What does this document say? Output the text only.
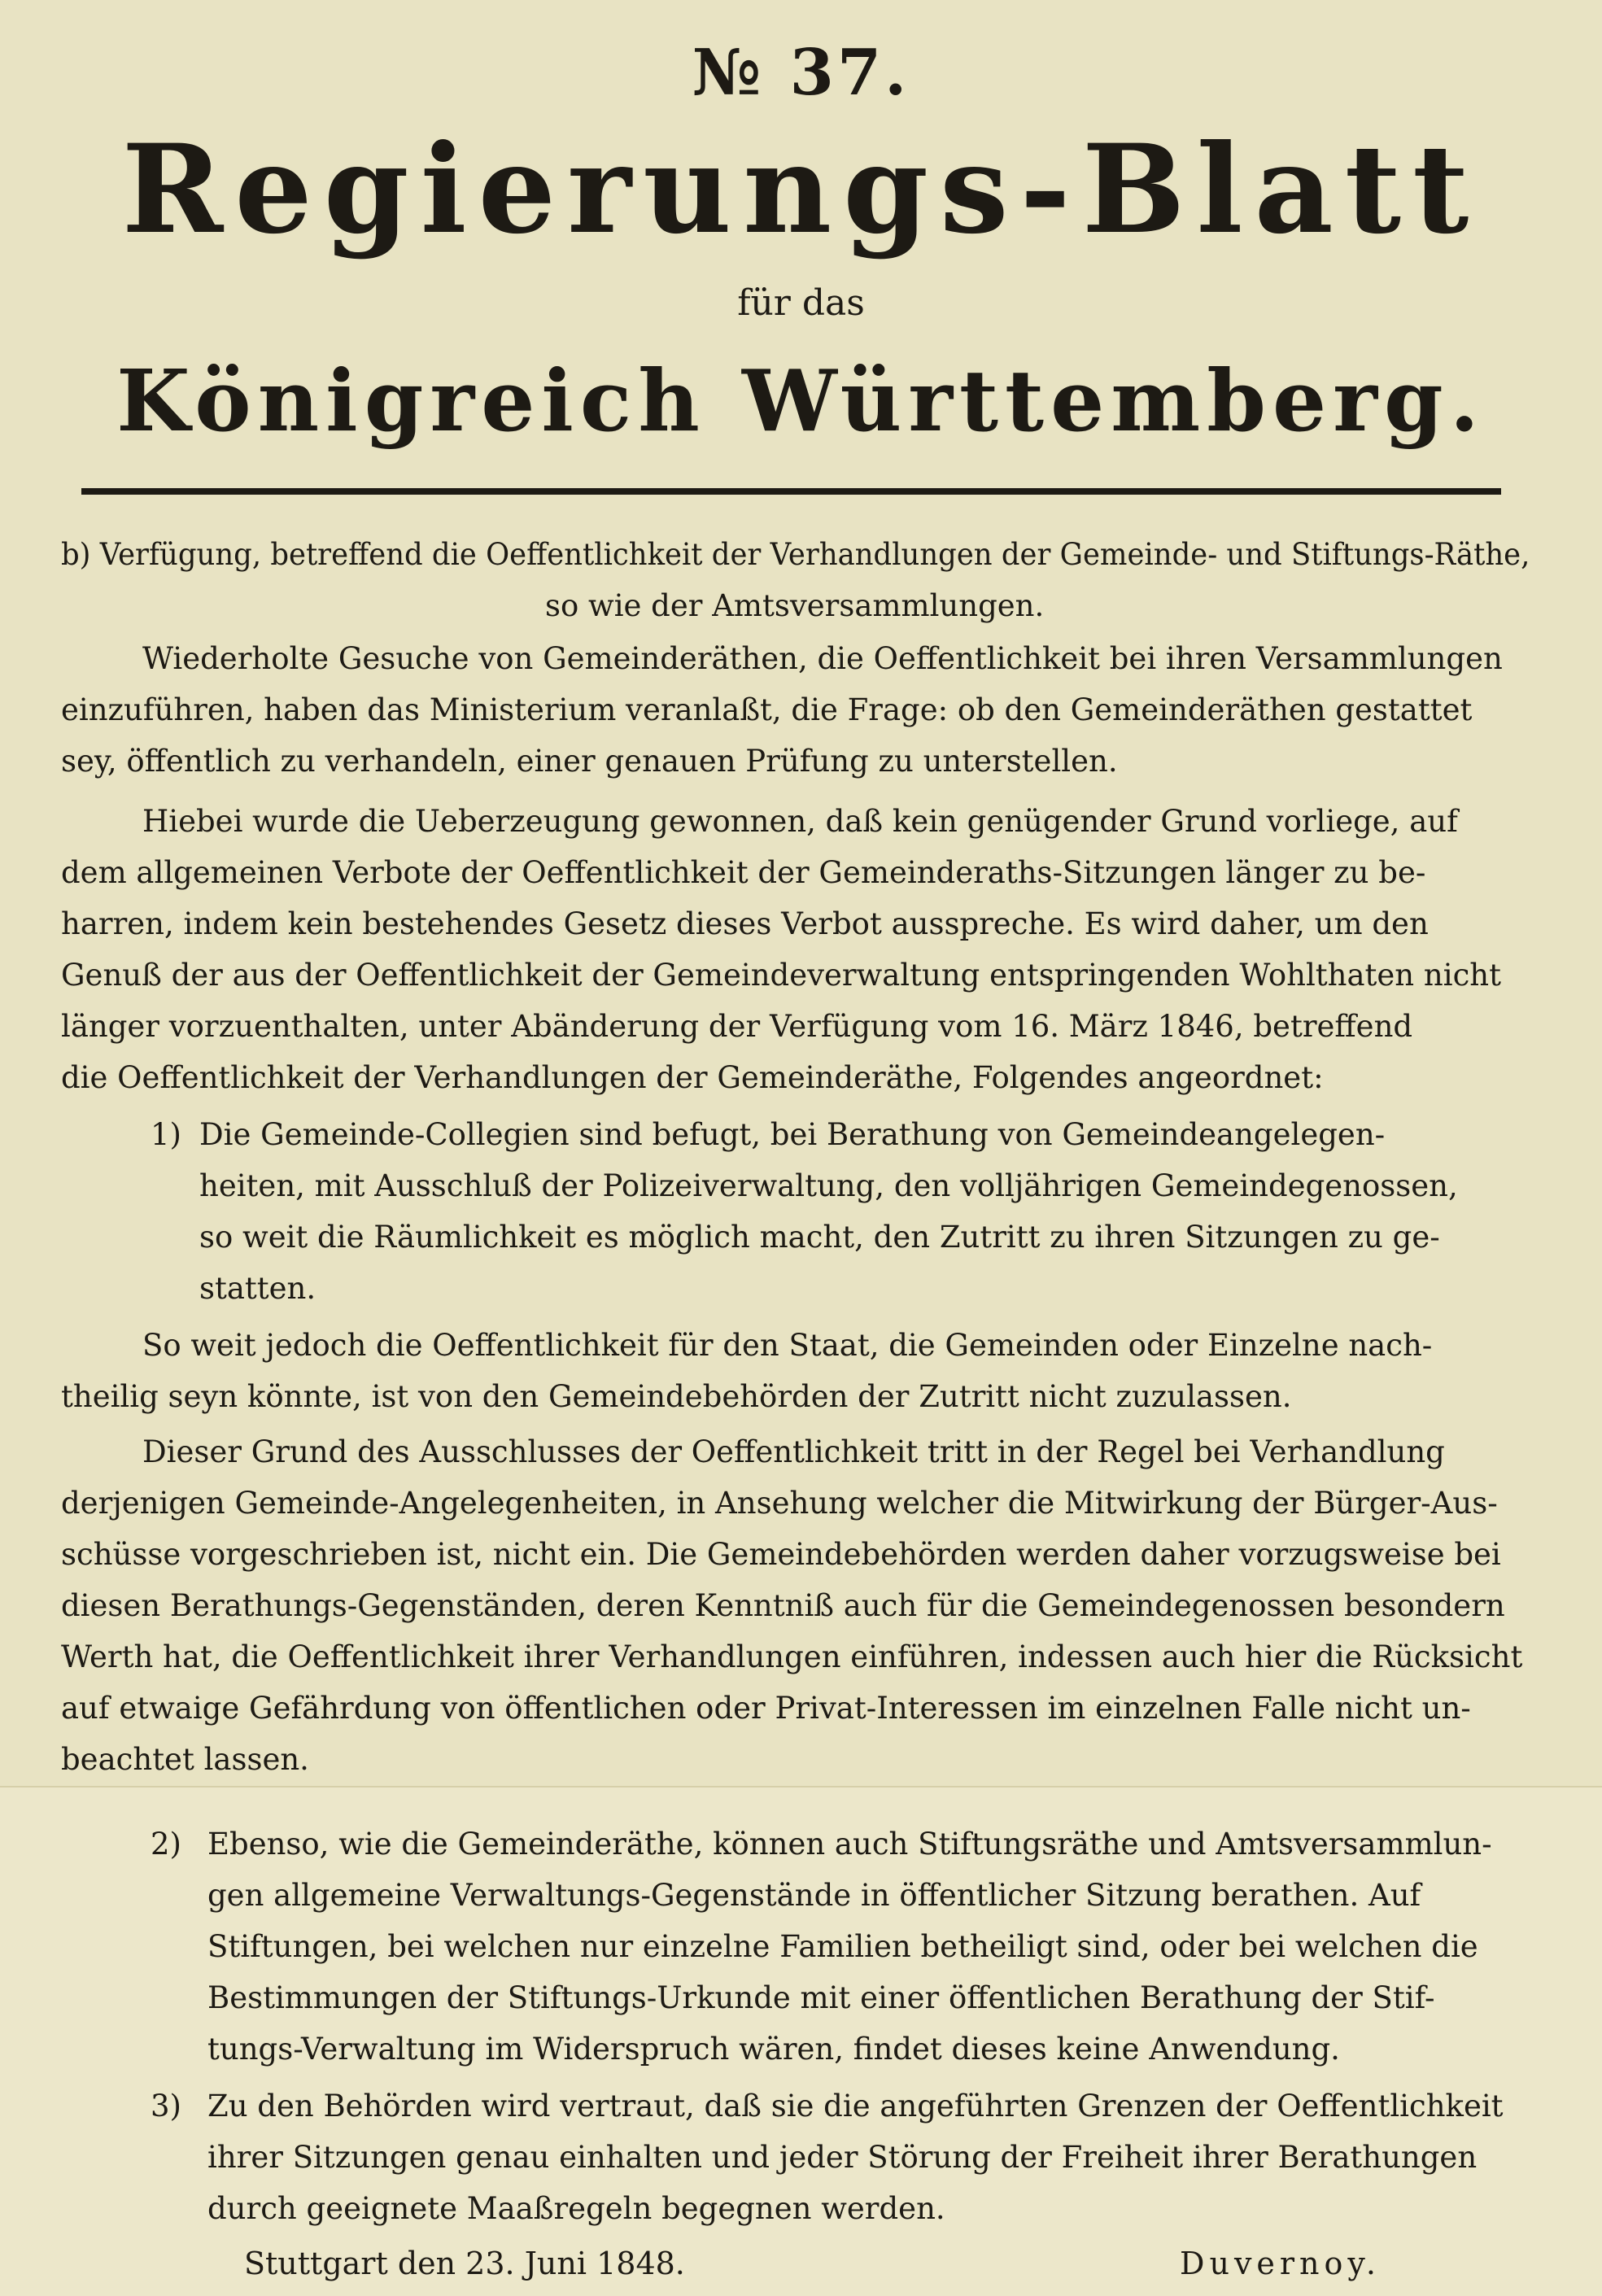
№ 37.
Regierungs-Blatt
für das
Königreich Württemberg.
b) Verfügung, betreffend die Oeffentlichkeit der Verhandlungen der Gemeinde- und Stiftungs-Räthe,
so wie der Amtsversammlungen.
Wiederholte Gesuche von Gemeinderäthen, die Oeffentlichkeit bei ihren Versammlungen
einzuführen, haben das Ministerium veranlaßt, die Frage: ob den Gemeinderäthen gestattet
sey, öffentlich zu verhandeln, einer genauen Prüfung zu unterstellen.
Hiebei wurde die Ueberzeugung gewonnen, daß kein genügender Grund vorliege, auf
dem allgemeinen Verbote der Oeffentlichkeit der Gemeinderaths-Sitzungen länger zu be-
harren, indem kein bestehendes Gesetz dieses Verbot ausspreche. Es wird daher, um den
Genuß der aus der Oeffentlichkeit der Gemeindeverwaltung entspringenden Wohlthaten nicht
länger vorzuenthalten, unter Abänderung der Verfügung vom 16. März 1846, betreffend
die Oeffentlichkeit der Verhandlungen der Gemeinderäthe, Folgendes angeordnet:
1) Die Gemeinde-Collegien sind befugt, bei Berathung von Gemeindeangelegen-
heiten, mit Ausschluß der Polizeiverwaltung, den volljährigen Gemeindegenossen,
so weit die Räumlichkeit es möglich macht, den Zutritt zu ihren Sitzungen zu ge-
statten.
So weit jedoch die Oeffentlichkeit für den Staat, die Gemeinden oder Einzelne nach-
theilig seyn könnte, ist von den Gemeindebehörden der Zutritt nicht zuzulassen.
Dieser Grund des Ausschlusses der Oeffentlichkeit tritt in der Regel bei Verhandlung
derjenigen Gemeinde-Angelegenheiten, in Ansehung welcher die Mitwirkung der Bürger-Aus-
schüsse vorgeschrieben ist, nicht ein. Die Gemeindebehörden werden daher vorzugsweise bei
diesen Berathungs-Gegenständen, deren Kenntniß auch für die Gemeindegenossen besondern
Werth hat, die Oeffentlichkeit ihrer Verhandlungen einführen, indessen auch hier die Rücksicht
auf etwaige Gefährdung von öffentlichen oder Privat-Interessen im einzelnen Falle nicht un-
beachtet lassen.
2) Ebenso, wie die Gemeinderäthe, können auch Stiftungsräthe und Amtsversammlun-
gen allgemeine Verwaltungs-Gegenstände in öffentlicher Sitzung berathen. Auf
Stiftungen, bei welchen nur einzelne Familien betheiligt sind, oder bei welchen die
Bestimmungen der Stiftungs-Urkunde mit einer öffentlichen Berathung der Stif-
tungs-Verwaltung im Widerspruch wären, findet dieses keine Anwendung.
3) Zu den Behörden wird vertraut, daß sie die angeführten Grenzen der Oeffentlichkeit
ihrer Sitzungen genau einhalten und jeder Störung der Freiheit ihrer Berathungen
durch geeignete Maaßregeln begegnen werden.
Stuttgart den 23. Juni 1848.	Duvernoy.
